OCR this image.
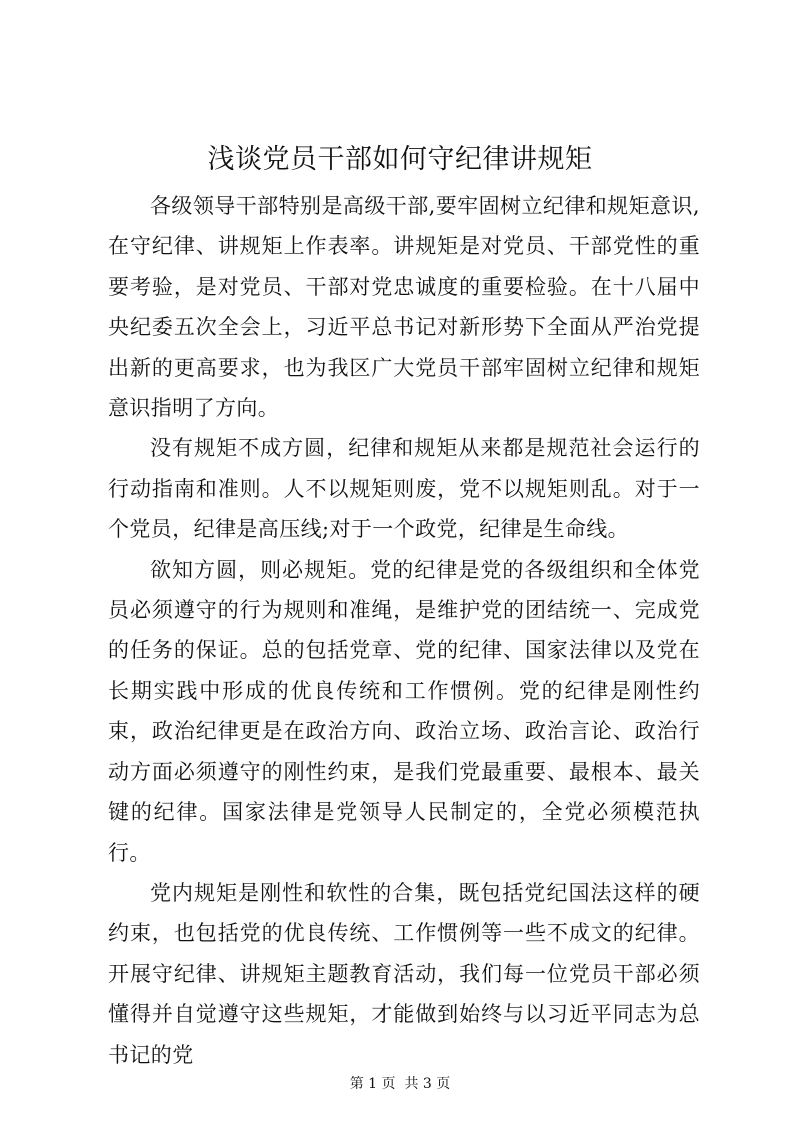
浅谈党员干部如何守纪律讲规矩

各级领导干部特别是高级干部,要牢固树立纪律和规矩意识,在守纪律、讲规矩上作表率。讲规矩是对党员、干部党性的重要考验，是对党员、干部对党忠诚度的重要检验。在十八届中央纪委五次全会上，习近平总书记对新形势下全面从严治党提出新的更高要求，也为我区广大党员干部牢固树立纪律和规矩意识指明了方向。

没有规矩不成方圆，纪律和规矩从来都是规范社会运行的行动指南和准则。人不以规矩则废，党不以规矩则乱。对于一个党员，纪律是高压线;对于一个政党，纪律是生命线。

欲知方圆，则必规矩。党的纪律是党的各级组织和全体党员必须遵守的行为规则和准绳，是维护党的团结统一、完成党的任务的保证。总的包括党章、党的纪律、国家法律以及党在长期实践中形成的优良传统和工作惯例。党的纪律是刚性约束，政治纪律更是在政治方向、政治立场、政治言论、政治行动方面必须遵守的刚性约束，是我们党最重要、最根本、最关键的纪律。国家法律是党领导人民制定的，全党必须模范执行。

党内规矩是刚性和软性的合集，既包括党纪国法这样的硬约束，也包括党的优良传统、工作惯例等一些不成文的纪律。开展守纪律、讲规矩主题教育活动，我们每一位党员干部必须懂得并自觉遵守这些规矩，才能做到始终与以习近平同志为总书记的党

第 1 页  共 3 页
